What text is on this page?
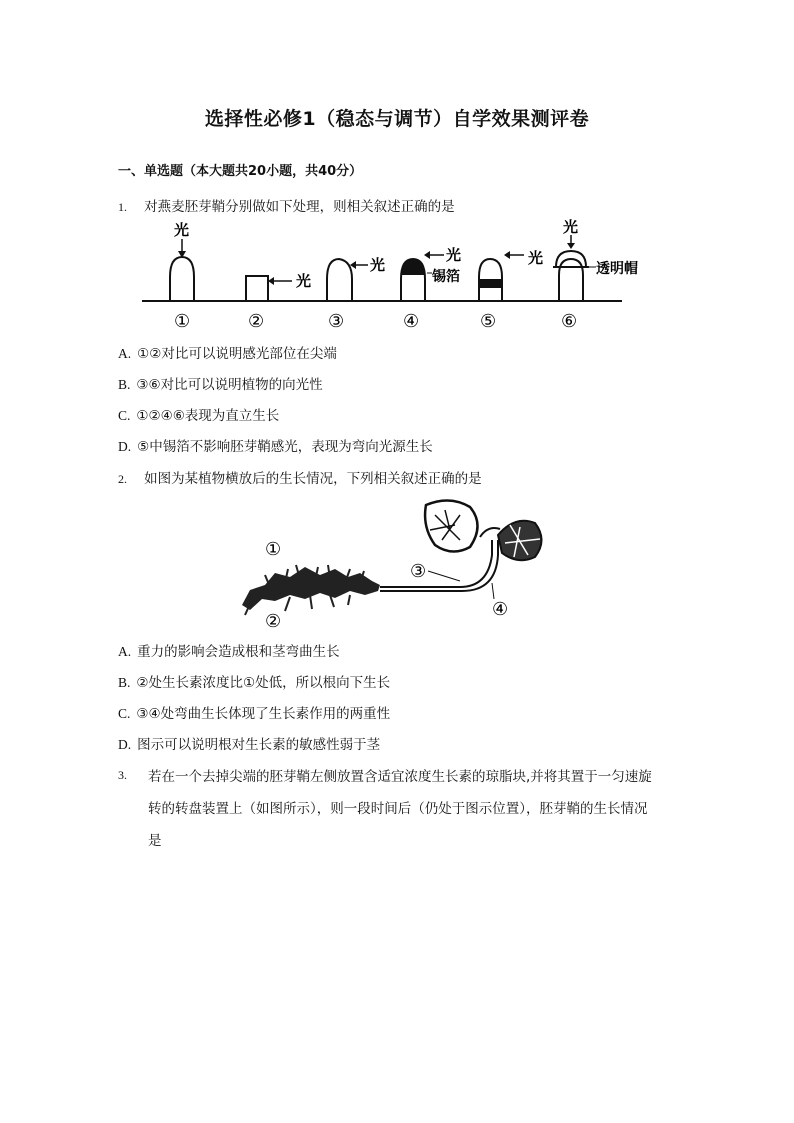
选择性必修1（稳态与调节）自学效果测评卷
一、单选题（本大题共20小题，共40分）
1. 对燕麦胚芽鞘分别做如下处理，则相关叙述正确的是
光
光
光
光
锡箔
光
光
透明帽
①	②	③	④	⑤	⑥
A. ①②对比可以说明感光部位在尖端
B. ③⑥对比可以说明植物的向光性
C. ①②④⑥表现为直立生长
D. ⑤中锡箔不影响胚芽鞘感光，表现为弯向光源生长
2. 如图为某植物横放后的生长情况，下列相关叙述正确的是
①
②
③
④
A. 重力的影响会造成根和茎弯曲生长
B. ②处生长素浓度比①处低，所以根向下生长
C. ③④处弯曲生长体现了生长素作用的两重性
D. 图示可以说明根对生长素的敏感性弱于茎
3. 若在一个去掉尖端的胚芽鞘左侧放置含适宜浓度生长素的琼脂块,并将其置于一匀速旋
转的转盘装置上（如图所示），则一段时间后（仍处于图示位置），胚芽鞘的生长情况
是
